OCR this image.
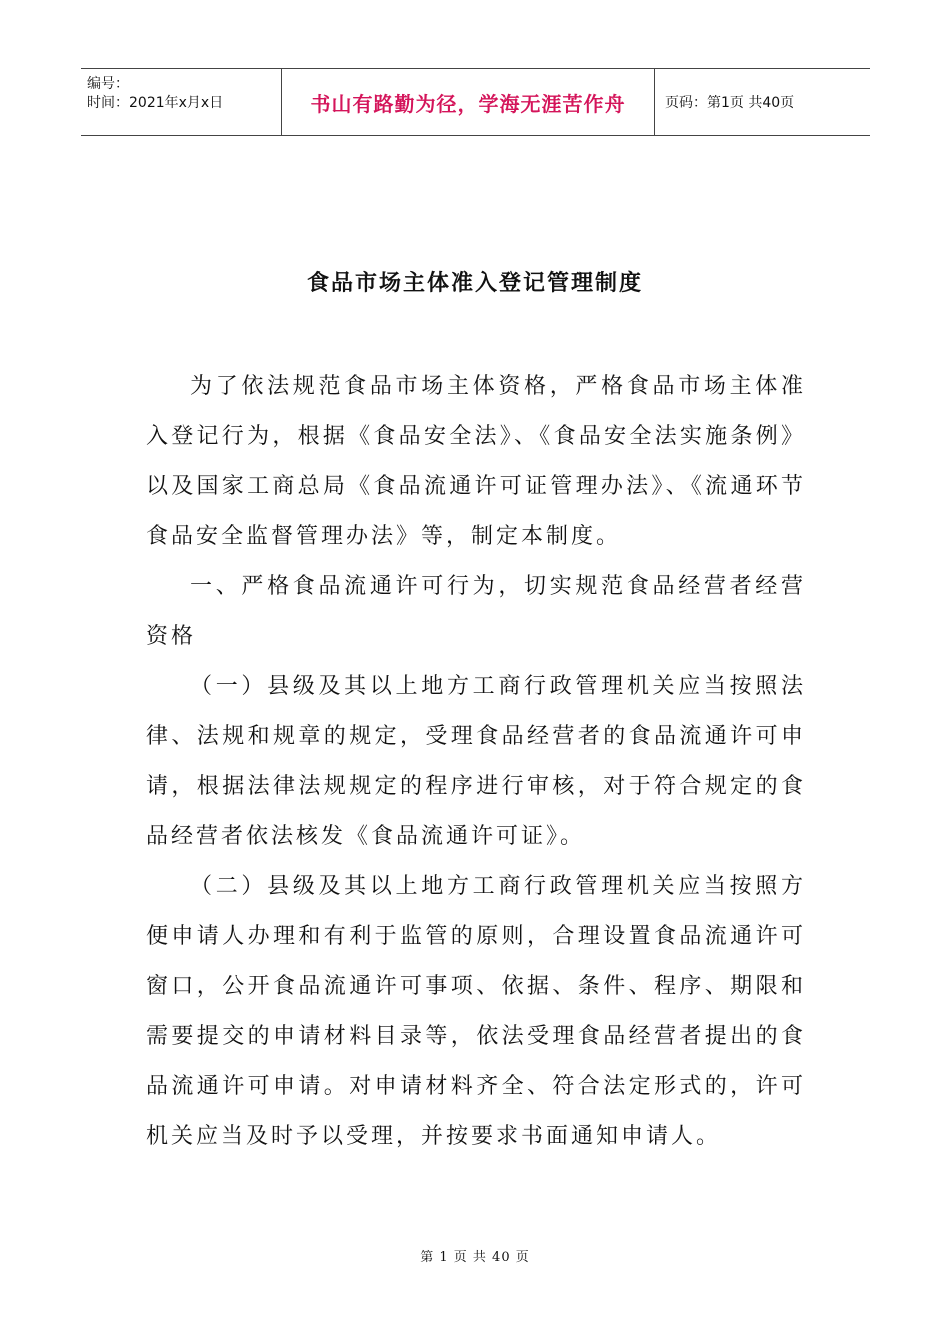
编号：
时间：2021年x月x日	书山有路勤为径，学海无涯苦作舟	页码：第1页 共40页
食品市场主体准入登记管理制度

为了依法规范食品市场主体资格，严格食品市场主体准入登记行为，根据《食品安全法》、《食品安全法实施条例》以及国家工商总局《食品流通许可证管理办法》、《流通环节食品安全监督管理办法》等，制定本制度。

一、严格食品流通许可行为，切实规范食品经营者经营资格

（一）县级及其以上地方工商行政管理机关应当按照法律、法规和规章的规定，受理食品经营者的食品流通许可申请，根据法律法规规定的程序进行审核，对于符合规定的食品经营者依法核发《食品流通许可证》。

（二）县级及其以上地方工商行政管理机关应当按照方便申请人办理和有利于监管的原则，合理设置食品流通许可窗口，公开食品流通许可事项、依据、条件、程序、期限和需要提交的申请材料目录等，依法受理食品经营者提出的食品流通许可申请。对申请材料齐全、符合法定形式的，许可机关应当及时予以受理，并按要求书面通知申请人。

第 1 页 共 40 页
